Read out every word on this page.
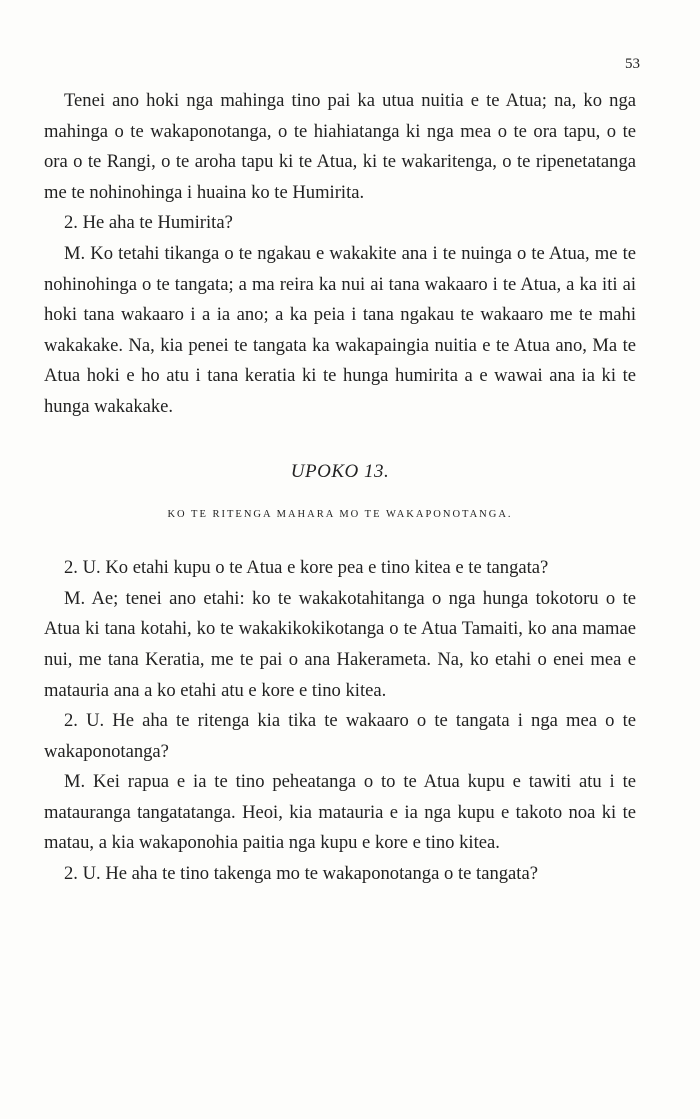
53

Tenei ano hoki nga mahinga tino pai ka utua nuitia e te Atua; na, ko nga mahinga o te wakaponotanga, o te hiahiatanga ki nga mea o te ora tapu, o te ora o te Rangi, o te aroha tapu ki te Atua, ki te wakaritenga, o te ripenetatanga me te nohinohinga i huaina ko te Humirita.

2. He aha te Humirita?

M. Ko tetahi tikanga o te ngakau e wakakite ana i te nuinga o te Atua, me te nohinohinga o te tangata; a ma reira ka nui ai tana wakaaro i te Atua, a ka iti ai hoki tana wakaaro i a ia ano; a ka peia i tana ngakau te wakaaro me te mahi wakakake. Na, kia penei te tangata ka wakapaingia nuitia e te Atua ano, Ma te Atua hoki e ho atu i tana keratia ki te hunga humirita a e wawai ana ia ki te hunga wakakake.

UPOKO 13.

KO TE RITENGA MAHARA MO TE WAKAPONOTANGA.

2. U. Ko etahi kupu o te Atua e kore pea e tino kitea e te tangata?

M. Ae; tenei ano etahi: ko te wakakotahitanga o nga hunga tokotoru o te Atua ki tana kotahi, ko te wakakikokikotanga o te Atua Tamaiti, ko ana mamae nui, me tana Keratia, me te pai o ana Hakerameta. Na, ko etahi o enei mea e matauria ana a ko etahi atu e kore e tino kitea.

2. U. He aha te ritenga kia tika te wakaaro o te tangata i nga mea o te wakaponotanga?

M. Kei rapua e ia te tino peheatanga o to te Atua kupu e tawiti atu i te matauranga tangatatanga. Heoi, kia matauria e ia nga kupu e takoto noa ki te matau, a kia wakaponohia paitia nga kupu e kore e tino kitea.

2. U. He aha te tino takenga mo te wakaponotanga o te tangata?
